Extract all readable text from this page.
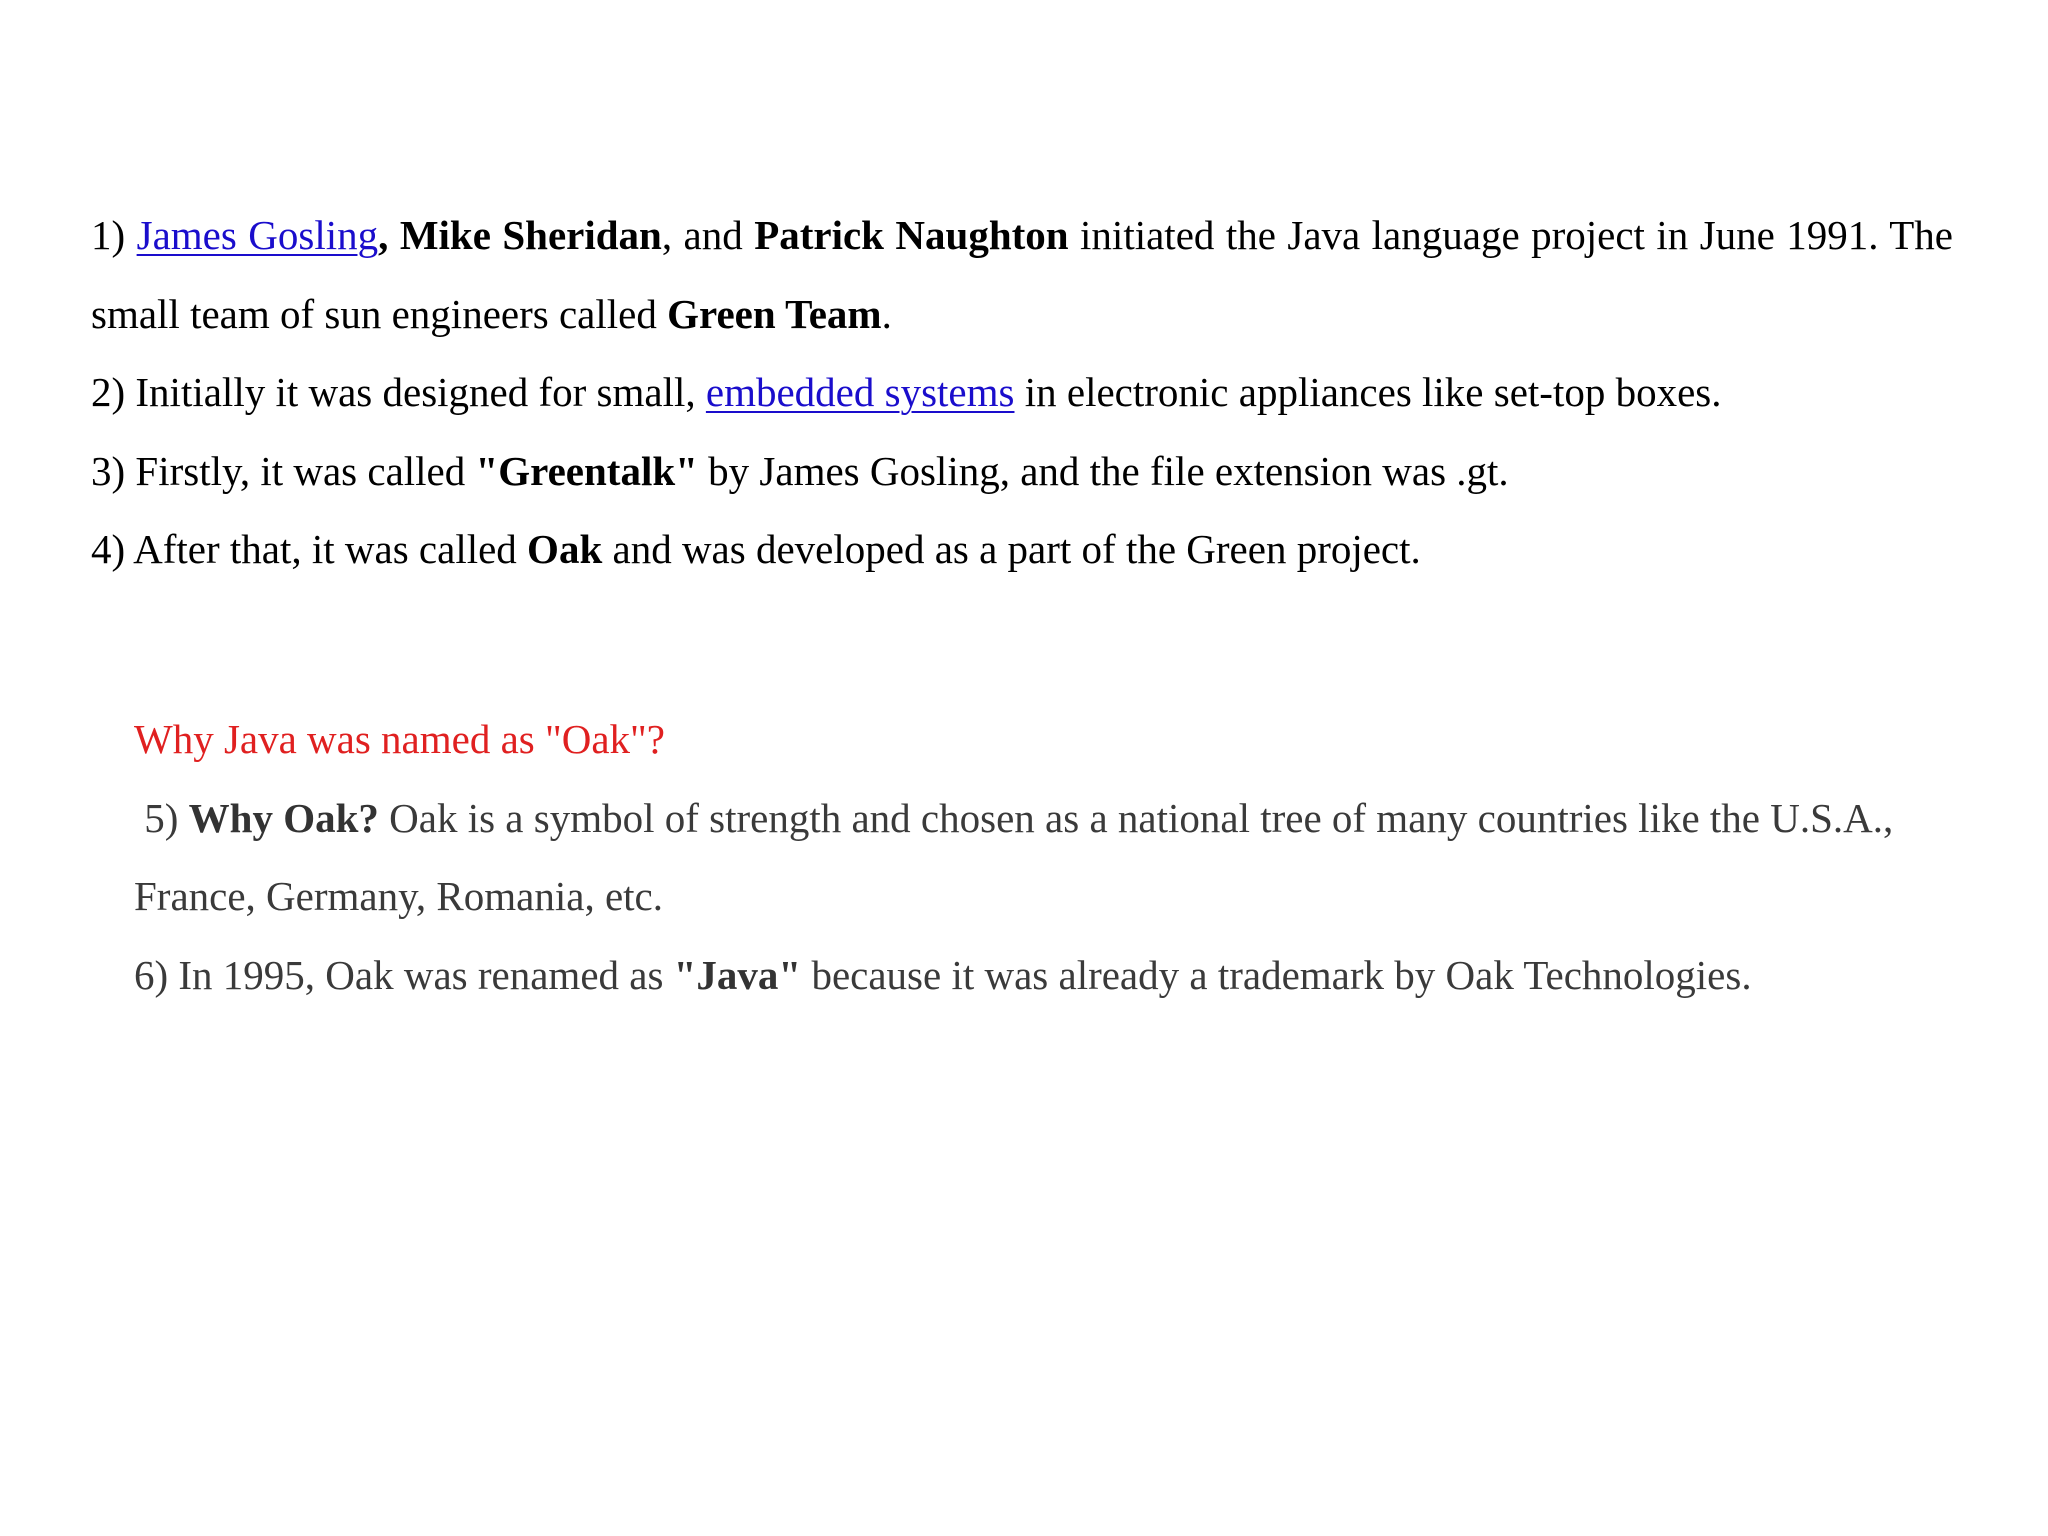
1) James Gosling, Mike Sheridan, and Patrick Naughton initiated the Java language project in June 1991. The small team of sun engineers called Green Team.

2) Initially it was designed for small, embedded systems in electronic appliances like set-top boxes.

3) Firstly, it was called "Greentalk" by James Gosling, and the file extension was .gt.

4) After that, it was called Oak and was developed as a part of the Green project.

Why Java was named as "Oak"?

5) Why Oak? Oak is a symbol of strength and chosen as a national tree of many countries like the U.S.A., France, Germany, Romania, etc.

6) In 1995, Oak was renamed as "Java" because it was already a trademark by Oak Technologies.
